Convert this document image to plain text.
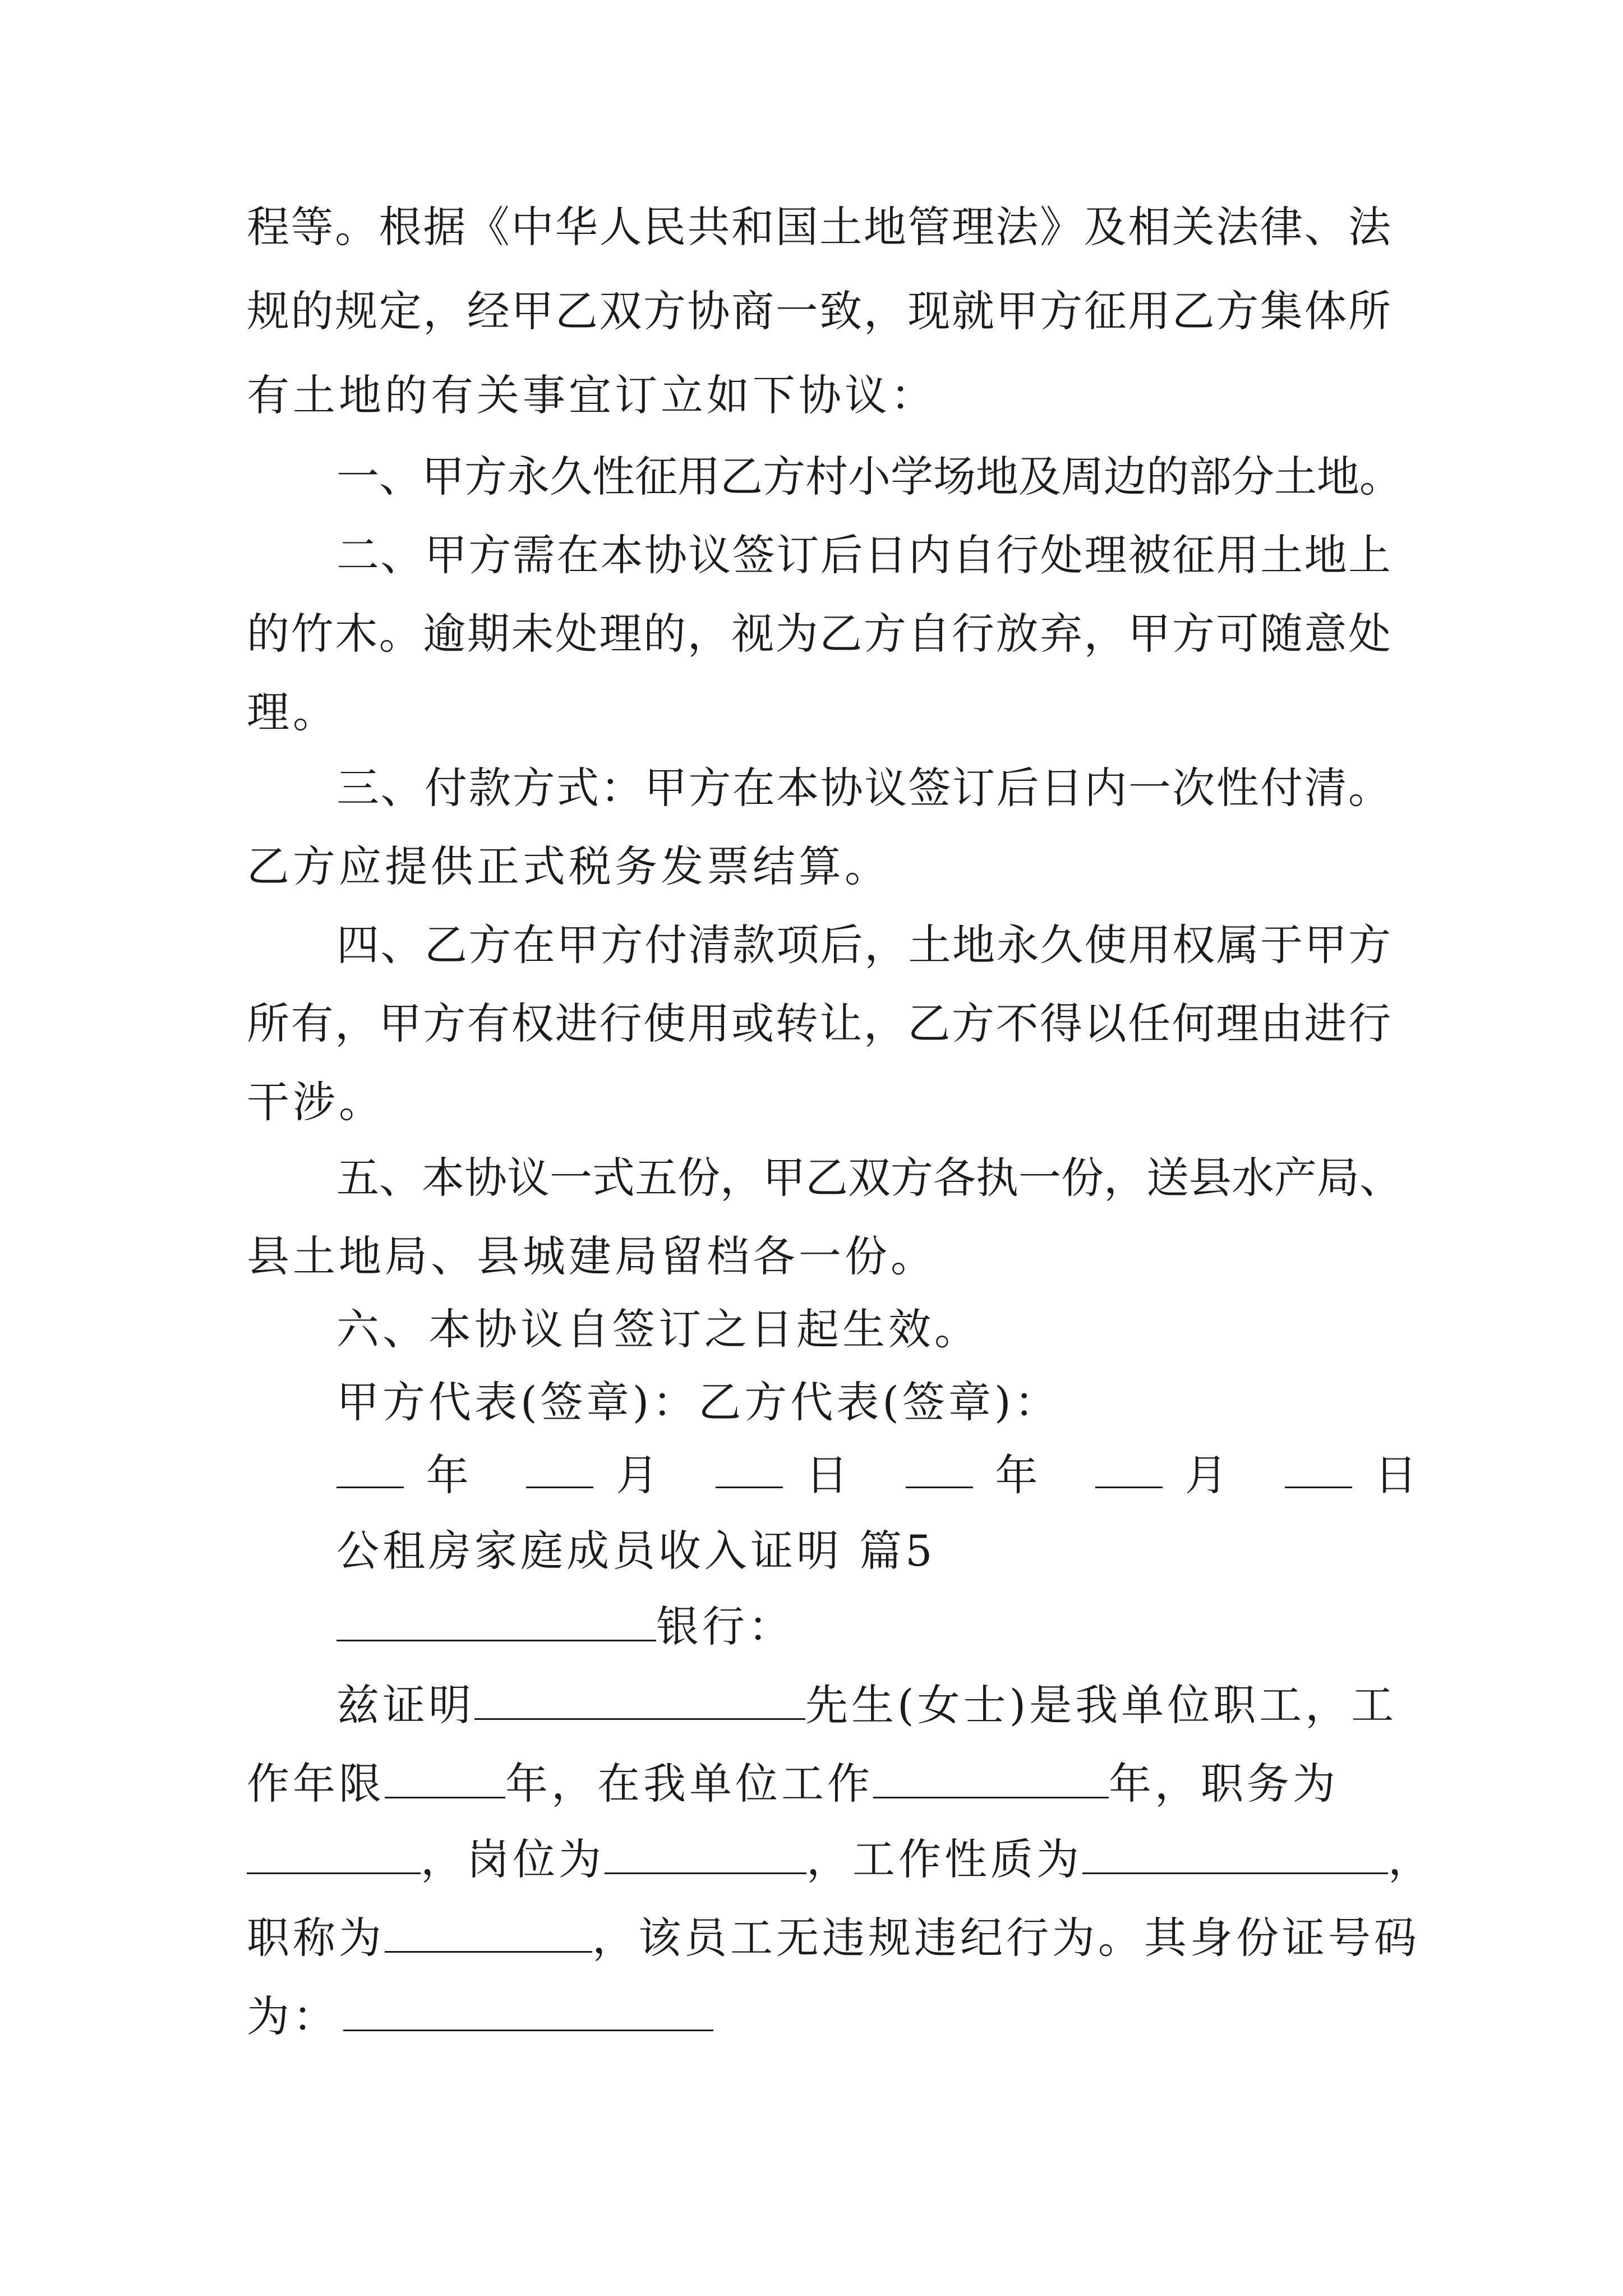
程等。根据《中华人民共和国土地管理法》及相关法律、法
规的规定，经甲乙双方协商一致，现就甲方征用乙方集体所
有土地的有关事宜订立如下协议：
一、甲方永久性征用乙方村小学场地及周边的部分土地。
二、甲方需在本协议签订后日内自行处理被征用土地上
的竹木。逾期未处理的，视为乙方自行放弃，甲方可随意处
理。
三、付款方式：甲方在本协议签订后日内一次性付清。
乙方应提供正式税务发票结算。
四、乙方在甲方付清款项后，土地永久使用权属于甲方
所有，甲方有权进行使用或转让，乙方不得以任何理由进行
干涉。
五、本协议一式五份，甲乙双方各执一份，送县水产局、
县土地局、县城建局留档各一份。
六、本协议自签订之日起生效。
甲方代表(签章)：乙方代表(签章)：
年	月	日	年	月	日
公租房家庭成员收入证明 篇5
银行：
兹证明	先生(女士)是我单位职工，工
作年限	年，在我单位工作	年，职务为
，岗位为	，工作性质为	，
职称为	，该员工无违规违纪行为。其身份证号码
为：
